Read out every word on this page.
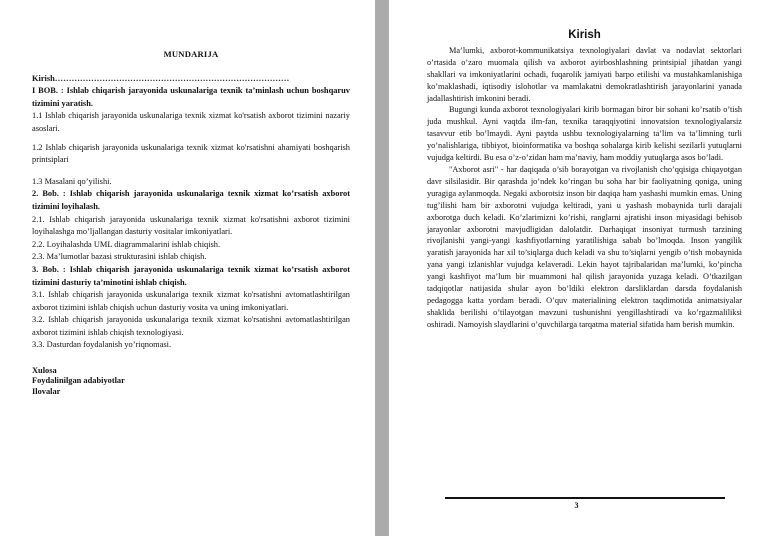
MUNDARIJA

Kirish…………………………………………………………………………

I BOB. : Ishlab chiqarish jarayonida uskunalariga texnik ta’minlash uchun boshqaruv tizimini yaratish.

1.1 Ishlab chiqarish jarayonida uskunalariga texnik xizmat ko'rsatish axborot tizimini nazariy asoslari.

1.2 Ishlab chiqarish jarayonida uskunalariga texnik xizmat ko'rsatishni ahamiyati boshqarish printsiplari

1.3 Masalani qo’yilishi.

2. Bob. : Ishlab chiqarish jarayonida uskunalariga texnik xizmat ko’rsatish axborot tizimini loyihalash.

2.1. Ishlab chiqarish jarayonida uskunalariga texnik xizmat ko'rsatishni axborot tizimini loyihalashga mo’ljallangan dasturiy vositalar imkoniyatlari.

2.2. Loyihalashda UML diagrammalarini ishlab chiqish.

2.3. Ma’lumotlar bazasi strukturasini ishlab chiqish.

3. Bob. : Ishlab chiqarish jarayonida uskunalariga texnik xizmat ko’rsatish axborot tizimini dasturiy ta’minotini ishlab chiqish.

3.1. Ishlab chiqarish jarayonida uskunalariga texnik xizmat ko'rsatishni avtomatlashtirilgan axborot tizimini ishlab chiqish uchun dasturiy vosita va uning imkoniyatlari.

3.2. Ishlab chiqarish jarayonida uskunalariga texnik xizmat ko'rsatishni avtomatlashtirilgan axborot tizimini ishlab chiqish texnologiyasi.

3.3. Dasturdan foydalanish yo’riqnomasi.

Xulosa
Foydalinilgan adabiyotlar
Ilovalar
Kirish

Ma’lumki, axborot-kommunikatsiya texnologiyalari davlat va nodavlat sektorlari o’rtasida o’zaro muomala qilish va axborot ayirboshlashning printsipial jihatdan yangi shakllari va imkoniyatlarini ochadi, fuqarolik jamiyati barpo etilishi va mustahkamlanishiga ko’maklashadi, iqtisodiy islohotlar va mamlakatni demokratlashtirish jarayonlarini yanada jadallashtirish imkonini beradi.

Bugungi kunda axborot texnologiyalari kirib bormagan biror bir sohani ko’rsatib o’tish juda mushkul. Ayni vaqtda ilm-fan, texnika taraqqiyotini innovatsion texnologiyalarsiz tasavvur etib bo’lmaydi. Ayni paytda ushbu texnologiyalarning ta’lim va ta’limning turli yo’nalishlariga, tibbiyot, bioinformatika va boshqa sohalarga kirib kelishi sezilarli yutuqlarni vujudga keltirdi. Bu esa o’z-o’zidan ham ma’naviy, ham moddiy yutuqlarga asos bo’ladi.

"Axborot asri" - har daqiqada o’sib borayotgan va rivojlanish cho’qqisiga chiqayotgan davr silsilasidir. Bir qarashda jo’ndek ko’ringan bu soha har bir faoliyatning qoniga, uning yuragiga aylanmoqda. Negaki axborotsiz inson bir daqiqa ham yashashi mumkin emas. Uning tug’ilishi ham bir axborotni vujudga keltiradi, yani u yashash mobaynida turli darajali axborotga duch keladi. Ko’zlarimizni ko’rishi, ranglarni ajratishi inson miyasidagi behisob jarayonlar axborotni mavjudligidan dalolatdir. Darhaqiqat insoniyat turmush tarzining rivojlanishi yangi-yangi kashfiyotlarning yaratilishiga sabab bo’lmoqda. Inson yangilik yaratish jarayonida har xil to’siqlarga duch keladi va shu to’siqlarni yengib o’tish mobaynida yana yangi izlanishlar vujudga kelaveradi. Lekin hayot tajribalaridan ma’lumki, ko’pincha yangi kashfiyot ma’lum bir muammoni hal qilish jarayonida yuzaga keladi. O’tkazilgan tadqiqotlar natijasida shular ayon bo’ldiki elektron darsliklardan darsda foydalanish pedagogga katta yordam beradi. O’quv materialining elektron taqdimotida animatsiyalar shaklida berilishi o’tilayotgan mavzuni tushunishni yengillashtiradi va ko’rgazmaliliksi oshiradi. Namoyish slaydlarini o’quvchilarga tarqatma material sifatida ham berish mumkin.

3
